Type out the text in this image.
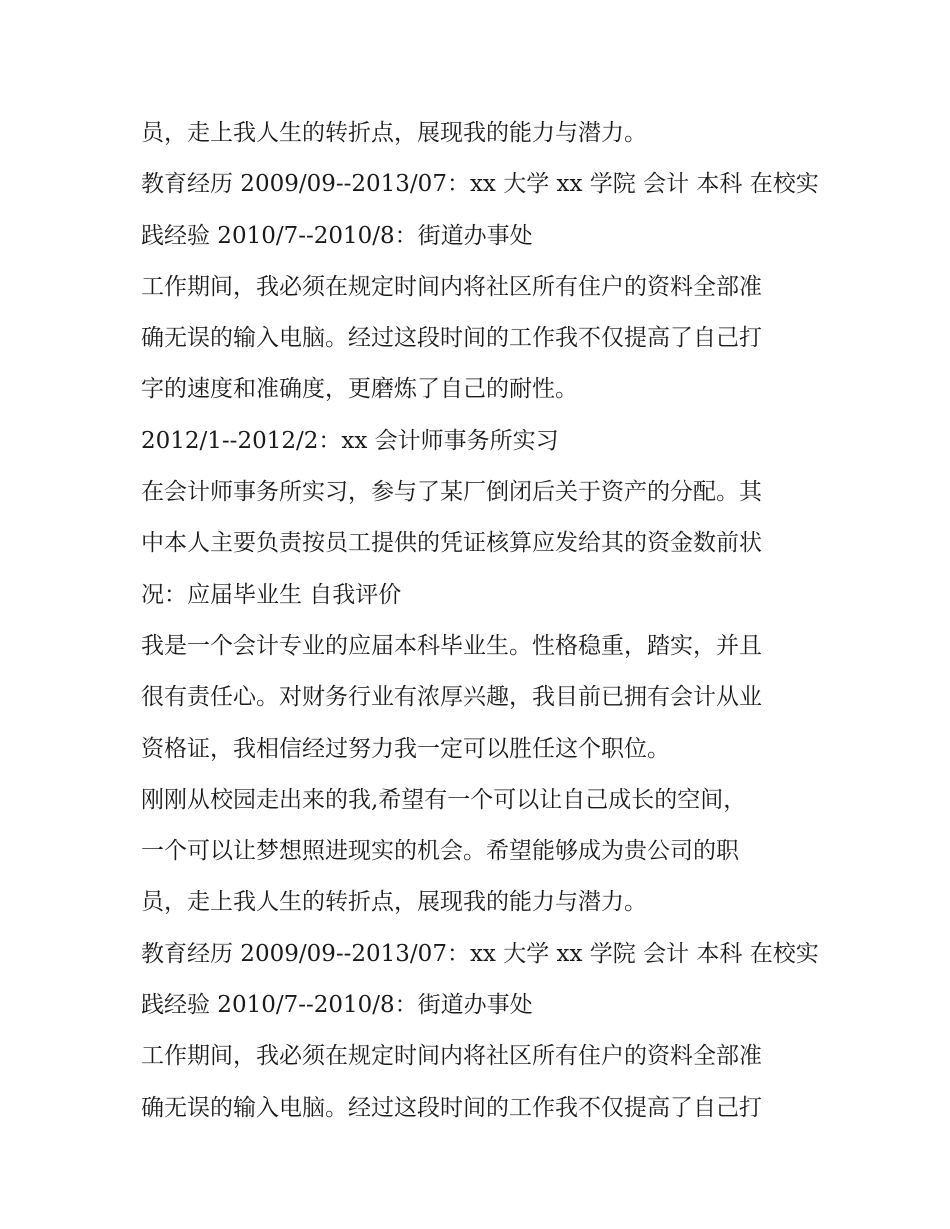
员，走上我人生的转折点，展现我的能力与潜力。
教育经历 2009/09--2013/07：xx 大学 xx 学院 会计 本科 在校实
践经验 2010/7--2010/8：街道办事处
工作期间，我必须在规定时间内将社区所有住户的资料全部准
确无误的输入电脑。经过这段时间的工作我不仅提高了自己打
字的速度和准确度，更磨炼了自己的耐性。
2012/1--2012/2：xx 会计师事务所实习
在会计师事务所实习，参与了某厂倒闭后关于资产的分配。其
中本人主要负责按员工提供的凭证核算应发给其的资金数前状
况：应届毕业生 自我评价
我是一个会计专业的应届本科毕业生。性格稳重，踏实，并且
很有责任心。对财务行业有浓厚兴趣，我目前已拥有会计从业
资格证，我相信经过努力我一定可以胜任这个职位。
刚刚从校园走出来的我,希望有一个可以让自己成长的空间，
一个可以让梦想照进现实的机会。希望能够成为贵公司的职
员，走上我人生的转折点，展现我的能力与潜力。
教育经历 2009/09--2013/07：xx 大学 xx 学院 会计 本科 在校实
践经验 2010/7--2010/8：街道办事处
工作期间，我必须在规定时间内将社区所有住户的资料全部准
确无误的输入电脑。经过这段时间的工作我不仅提高了自己打
